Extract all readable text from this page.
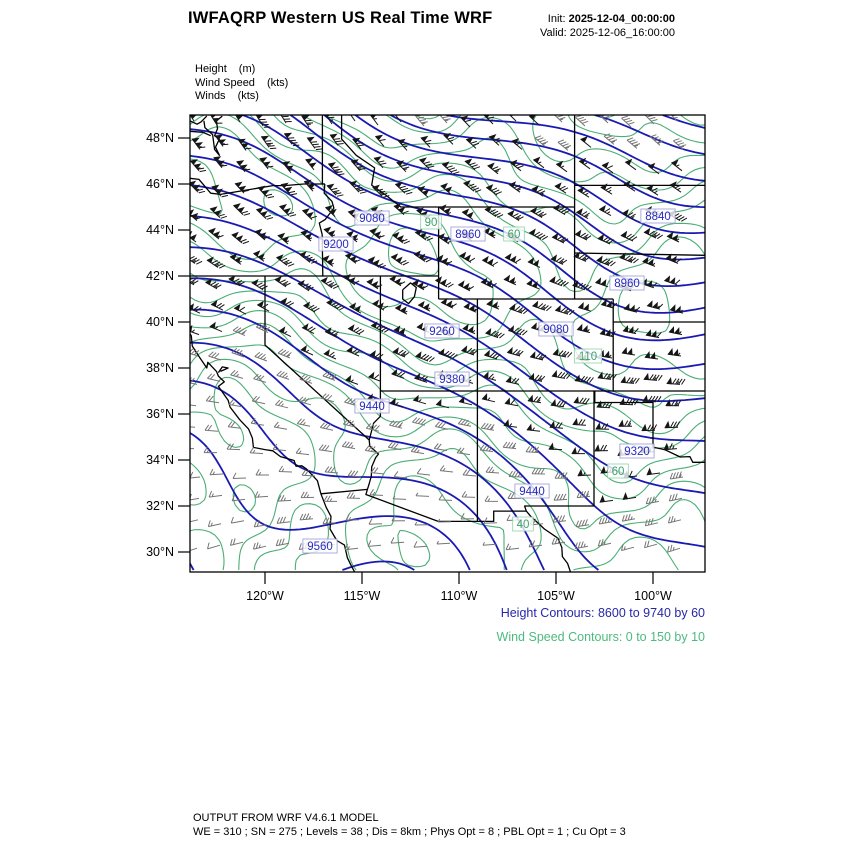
IWFAQRP Western US Real Time WRF	Init: 2025-12-04_00:00:00
Valid: 2025-12-06_16:00:00
Height (m)
Wind Speed (kts)
Winds (kts)
48°N
46°N
44°N
42°N
40°N
38°N
36°N
34°N
32°N
30°N
120°W	115°W	110°W	105°W	100°W
90
60
110
60
40
9080
9200
8840
8960
8960
9080
9260
9380
9440
9320
9440
9560
Height Contours: 8600 to 9740 by 60
Wind Speed Contours: 0 to 150 by 10
OUTPUT FROM WRF V4.6.1 MODEL
WE = 310 ; SN = 275 ; Levels = 38 ; Dis = 8km ; Phys Opt = 8 ; PBL Opt = 1 ; Cu Opt = 3
